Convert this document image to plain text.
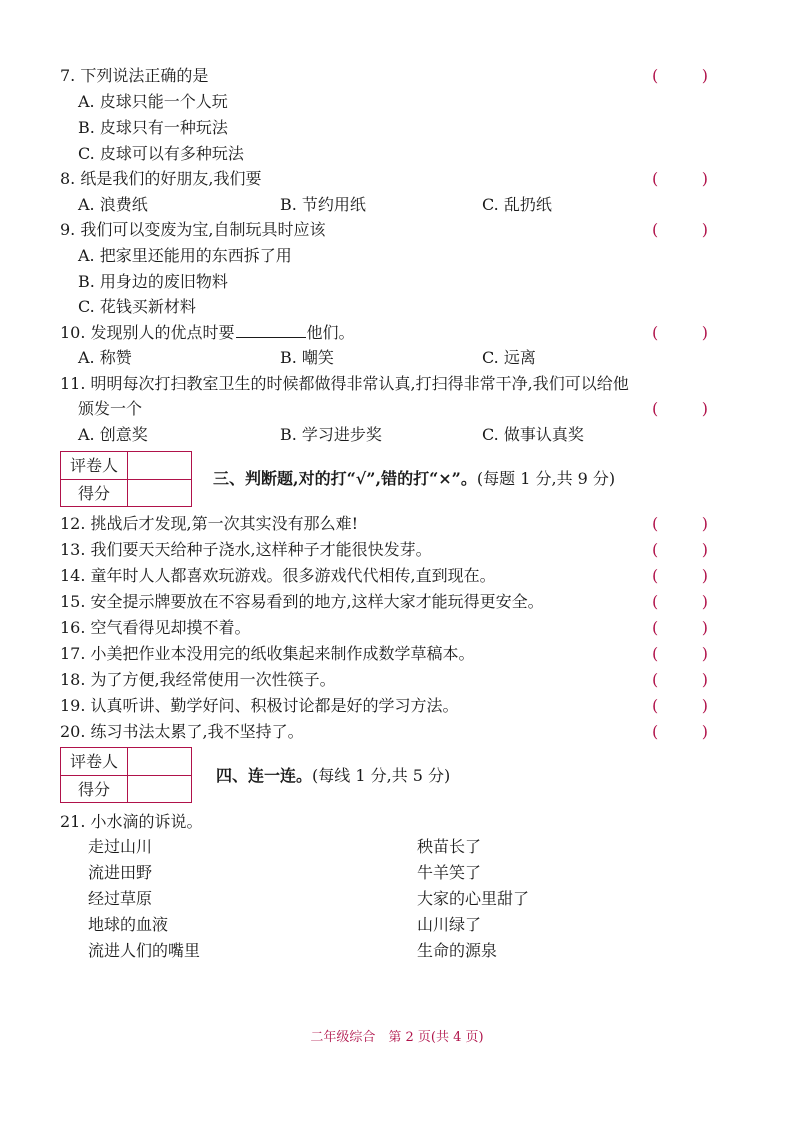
7. 下列说法正确的是	(	)
A. 皮球只能一个人玩
B. 皮球只有一种玩法
C. 皮球可以有多种玩法
8. 纸是我们的好朋友,我们要	(	)
A. 浪费纸	B. 节约用纸	C. 乱扔纸
9. 我们可以变废为宝,自制玩具时应该	(	)
A. 把家里还能用的东西拆了用
B. 用身边的废旧物料
C. 花钱买新材料
10. 发现别人的优点时要	他们。	(	)
A. 称赞	B. 嘲笑	C. 远离
11. 明明每次打扫教室卫生的时候都做得非常认真,打扫得非常干净,我们可以给他
颁发一个	(	)
A. 创意奖	B. 学习进步奖	C. 做事认真奖
评卷人
得分
三、判断题,对的打“√”,错的打“×”。(每题 1 分,共 9 分)
12. 挑战后才发现,第一次其实没有那么难!	(	)
13. 我们要天天给种子浇水,这样种子才能很快发芽。	(	)
14. 童年时人人都喜欢玩游戏。很多游戏代代相传,直到现在。	(	)
15. 安全提示牌要放在不容易看到的地方,这样大家才能玩得更安全。	(	)
16. 空气看得见却摸不着。	(	)
17. 小美把作业本没用完的纸收集起来制作成数学草稿本。	(	)
18. 为了方便,我经常使用一次性筷子。	(	)
19. 认真听讲、勤学好问、积极讨论都是好的学习方法。	(	)
20. 练习书法太累了,我不坚持了。	(	)
评卷人
得分
四、连一连。(每线 1 分,共 5 分)
21. 小水滴的诉说。
走过山川
流进田野
经过草原
地球的血液
流进人们的嘴里
秧苗长了
牛羊笑了
大家的心里甜了
山川绿了
生命的源泉
二年级综合　第 2 页(共 4 页)
